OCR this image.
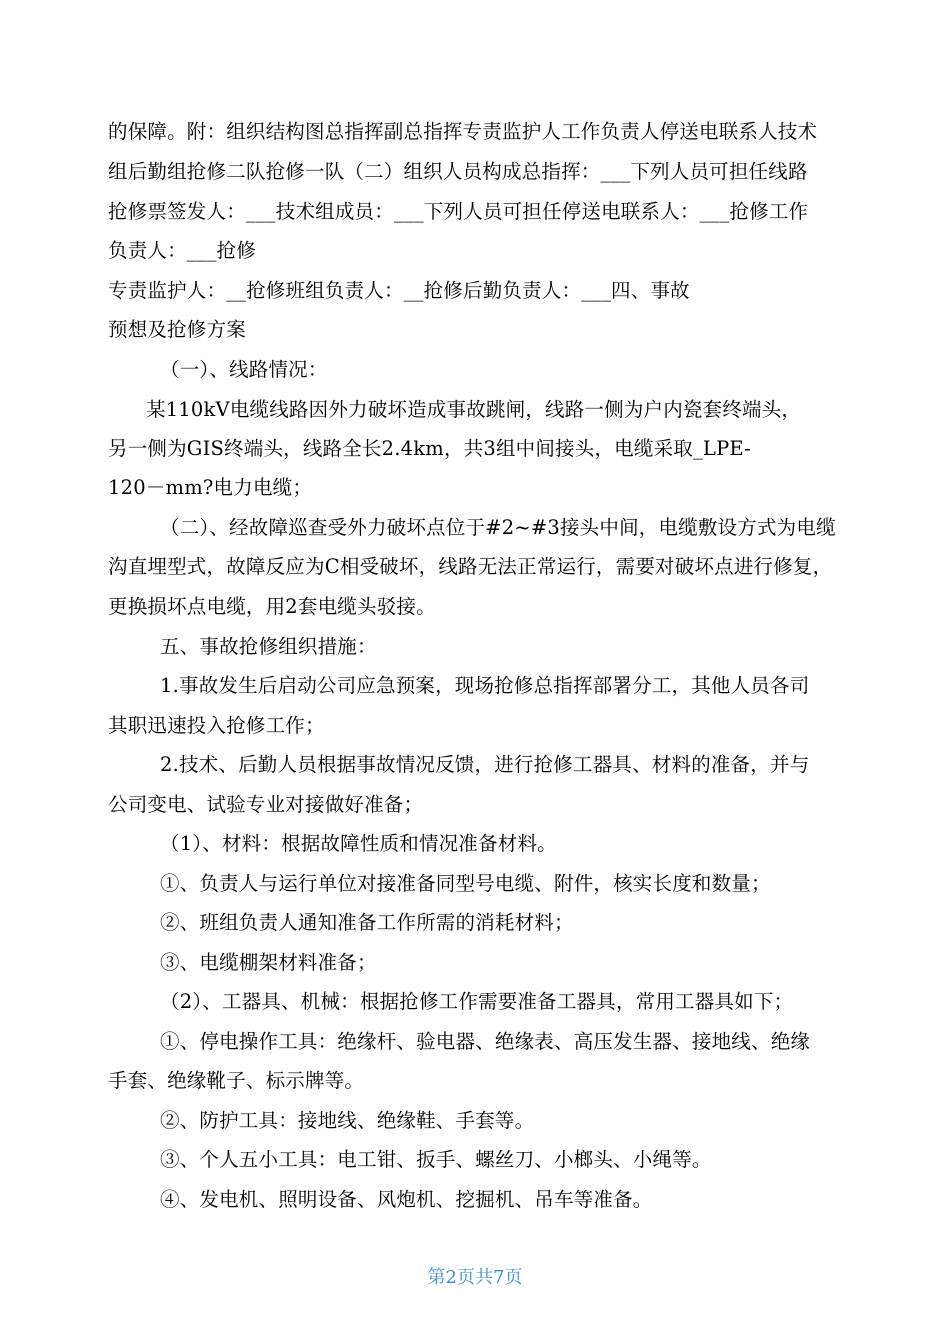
的保障。附：组织结构图总指挥副总指挥专责监护人工作负责人停送电联系人技术
组后勤组抢修二队抢修一队（二）组织人员构成总指挥：___下列人员可担任线路
抢修票签发人：___技术组成员：___下列人员可担任停送电联系人：___抢修工作
负责人：___抢修
专责监护人：__抢修班组负责人：__抢修后勤负责人：___四、事故
预想及抢修方案
（一）、线路情况：
某110kV电缆线路因外力破坏造成事故跳闸，线路一侧为户内瓷套终端头，
另一侧为GIS终端头，线路全长2.4km，共3组中间接头，电缆采取_LPE-
120－mm?电力电缆；
（二）、经故障巡查受外力破坏点位于#2~#3接头中间，电缆敷设方式为电缆
沟直埋型式，故障反应为C相受破坏，线路无法正常运行，需要对破坏点进行修复，
更换损坏点电缆，用2套电缆头驳接。
五、事故抢修组织措施：
1.事故发生后启动公司应急预案，现场抢修总指挥部署分工，其他人员各司
其职迅速投入抢修工作；
2.技术、后勤人员根据事故情况反馈，进行抢修工器具、材料的准备，并与
公司变电、试验专业对接做好准备；
（1）、材料：根据故障性质和情况准备材料。
①、负责人与运行单位对接准备同型号电缆、附件，核实长度和数量；
②、班组负责人通知准备工作所需的消耗材料；
③、电缆棚架材料准备；
（2）、工器具、机械：根据抢修工作需要准备工器具，常用工器具如下；
①、停电操作工具：绝缘杆、验电器、绝缘表、高压发生器、接地线、绝缘
手套、绝缘靴子、标示牌等。
②、防护工具：接地线、绝缘鞋、手套等。
③、个人五小工具：电工钳、扳手、螺丝刀、小榔头、小绳等。
④、发电机、照明设备、风炮机、挖掘机、吊车等准备。
第2页共7页
